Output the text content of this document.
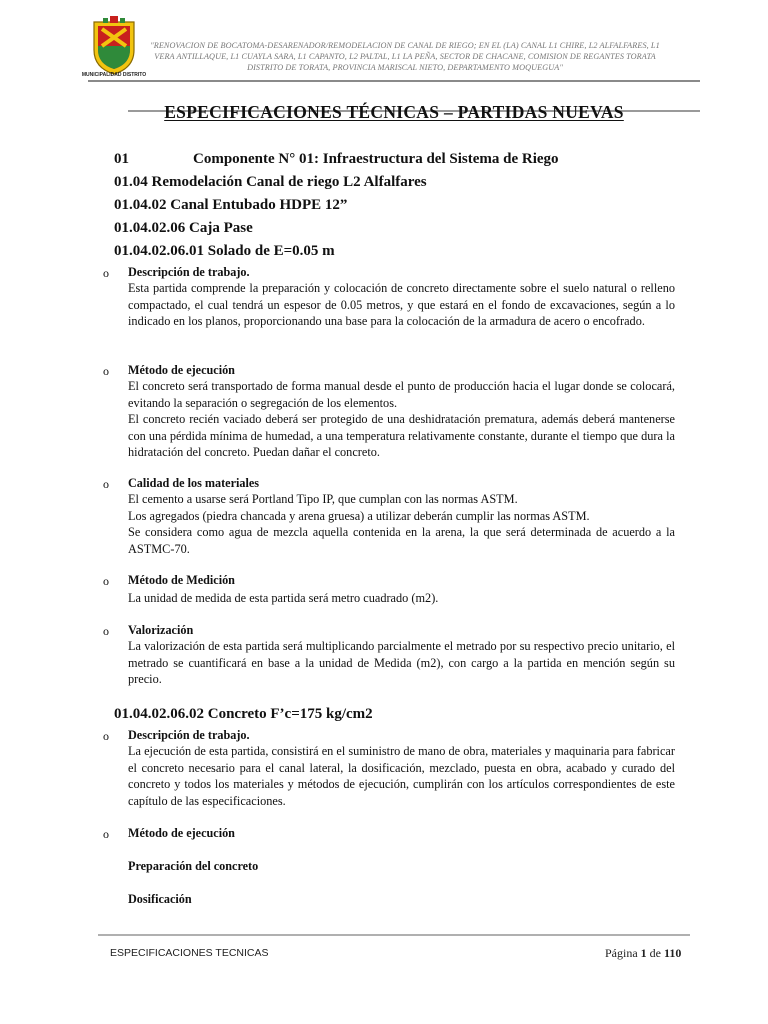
MUNICIPALIDAD DISTRITO
"RENOVACION DE BOCATOMA-DESARENADOR/REMODELACION DE CANAL DE RIEGO; EN EL (LA) CANAL L1 CHIRE, L2 ALFALFARES, L1 VERA ANTILLAQUE, L1 CUAYLA SARA, L1 CAPANTO, L2 PALTAL, L1 LA PEÑA, SECTOR DE CHACANE, COMISION DE REGANTES TORATA DISTRITO DE TORATA, PROVINCIA MARISCAL NIETO, DEPARTAMENTO MOQUEGUA"
ESPECIFICACIONES TÉCNICAS – PARTIDAS NUEVAS
01	Componente N° 01: Infraestructura del Sistema de Riego
01.04 Remodelación Canal de riego L2 Alfalfares
01.04.02 Canal Entubado HDPE 12”
01.04.02.06 Caja Pase
01.04.02.06.01 Solado de E=0.05 m
o Descripción de trabajo.

Esta partida comprende la preparación y colocación de concreto directamente sobre el suelo natural o relleno compactado, el cual tendrá un espesor de 0.05 metros, y que estará en el fondo de excavaciones, según a lo indicado en los planos, proporcionando una base para la colocación de la armadura de acero o encofrado.

o Método de ejecución

El concreto será transportado de forma manual desde el punto de producción hacia el lugar donde se colocará, evitando la separación o segregación de los elementos.

El concreto recién vaciado deberá ser protegido de una deshidratación prematura, además deberá mantenerse con una pérdida mínima de humedad, a una temperatura relativamente constante, durante el tiempo que dura la hidratación del concreto. Puedan dañar el concreto.

o Calidad de los materiales

El cemento a usarse será Portland Tipo IP, que cumplan con las normas ASTM.

Los agregados (piedra chancada y arena gruesa) a utilizar deberán cumplir las normas ASTM.

Se considera como agua de mezcla aquella contenida en la arena, la que será determinada de acuerdo a la ASTMC-70.

o Método de Medición

La unidad de medida de esta partida será metro cuadrado (m2).

o Valorización

La valorización de esta partida será multiplicando parcialmente el metrado por su respectivo precio unitario, el metrado se cuantificará en base a la unidad de Medida (m2), con cargo a la partida en mención según su precio.

01.04.02.06.02 Concreto F’c=175 kg/cm2
o Descripción de trabajo.

La ejecución de esta partida, consistirá en el suministro de mano de obra, materiales y maquinaria para fabricar el concreto necesario para el canal lateral, la dosificación, mezclado, puesta en obra, acabado y curado del concreto y todos los materiales y métodos de ejecución, cumplirán con los artículos correspondientes de este capítulo de las especificaciones.

o Método de ejecución
Preparación del concreto
Dosificación
ESPECIFICACIONES TECNICAS	Página 1 de 110
